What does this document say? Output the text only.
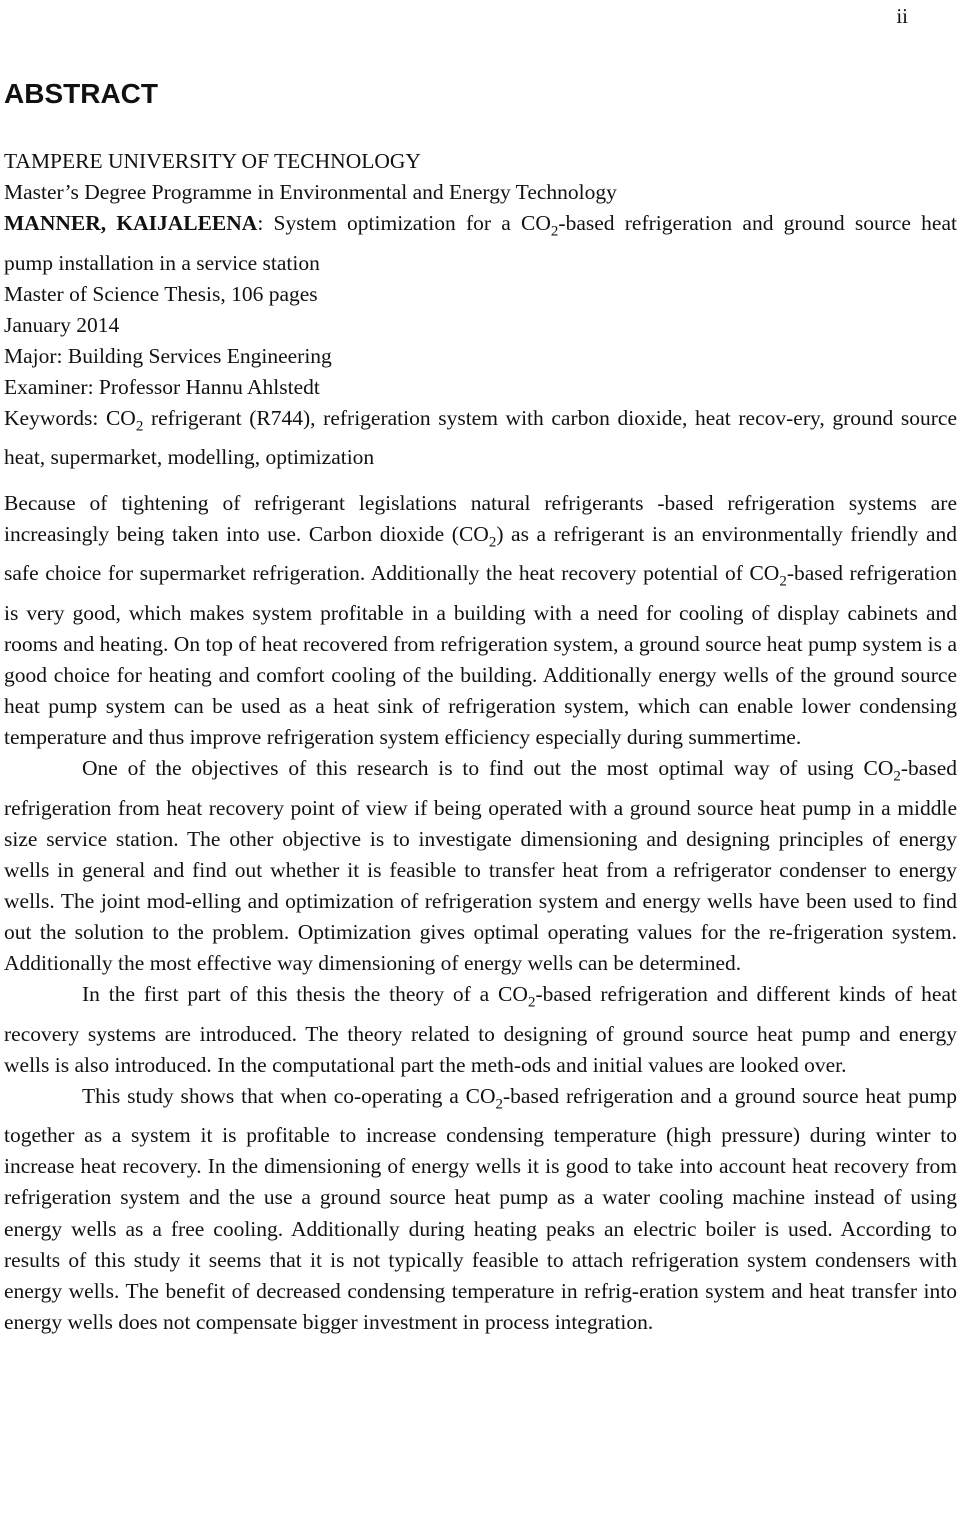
ii
ABSTRACT
TAMPERE UNIVERSITY OF TECHNOLOGY
Master’s Degree Programme in Environmental and Energy Technology
MANNER, KAIJALEENA: System optimization for a $CO_2$-based refrigeration and ground source heat pump installation in a service station
Master of Science Thesis, 106 pages
January 2014
Major: Building Services Engineering
Examiner: Professor Hannu Ahlstedt
Keywords: $CO_2$ refrigerant (R744), refrigeration system with carbon dioxide, heat recov-ery, ground source heat, supermarket, modelling, optimization

Because of tightening of refrigerant legislations natural refrigerants -based refrigeration systems are increasingly being taken into use. Carbon dioxide $(CO_2)$ as a refrigerant is an environmentally friendly and safe choice for supermarket refrigeration. Additionally the heat recovery potential of $CO_2$-based refrigeration is very good, which makes system profitable in a building with a need for cooling of display cabinets and rooms and heating. On top of heat recovered from refrigeration system, a ground source heat pump system is a good choice for heating and comfort cooling of the building. Additionally energy wells of the ground source heat pump system can be used as a heat sink of refrigeration system, which can enable lower condensing temperature and thus improve refrigeration system efficiency especially during summertime.

One of the objectives of this research is to find out the most optimal way of using $CO_2$-based refrigeration from heat recovery point of view if being operated with a ground source heat pump in a middle size service station. The other objective is to investigate dimensioning and designing principles of energy wells in general and find out whether it is feasible to transfer heat from a refrigerator condenser to energy wells. The joint mod-elling and optimization of refrigeration system and energy wells have been used to find out the solution to the problem. Optimization gives optimal operating values for the re-frigeration system. Additionally the most effective way dimensioning of energy wells can be determined.

In the first part of this thesis the theory of a $CO_2$-based refrigeration and different kinds of heat recovery systems are introduced. The theory related to designing of ground source heat pump and energy wells is also introduced. In the computational part the meth-ods and initial values are looked over.

This study shows that when co-operating a $CO_2$-based refrigeration and a ground source heat pump together as a system it is profitable to increase condensing temperature (high pressure) during winter to increase heat recovery. In the dimensioning of energy wells it is good to take into account heat recovery from refrigeration system and the use a ground source heat pump as a water cooling machine instead of using energy wells as a free cooling. Additionally during heating peaks an electric boiler is used. According to results of this study it seems that it is not typically feasible to attach refrigeration system condensers with energy wells. The benefit of decreased condensing temperature in refrig-eration system and heat transfer into energy wells does not compensate bigger investment in process integration.
